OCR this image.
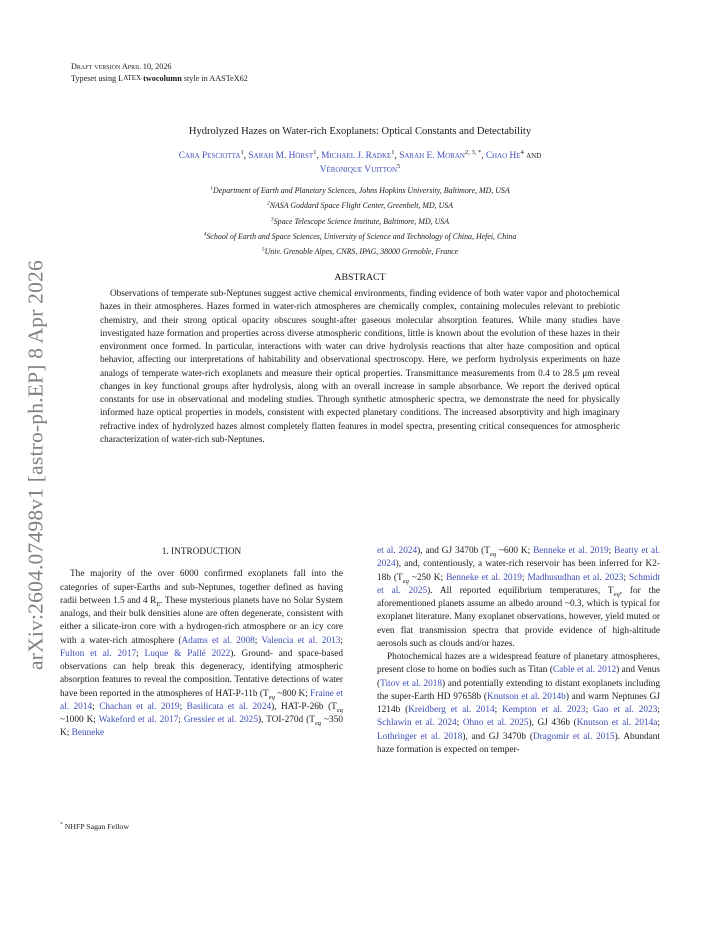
Draft version April 10, 2026
Typeset using LATEX twocolumn style in AASTeX62
arXiv:2604.07498v1 [astro-ph.EP] 8 Apr 2026
Hydrolyzed Hazes on Water-rich Exoplanets: Optical Constants and Detectability
Cara Pesciotta$^1$, Sarah M. Hörst$^1$, Michael J. Radke$^1$, Sarah E. Moran$^{2, 3, *}$, Chao He$^4$ and
Véronique Vuitton$^5$
$^1$Department of Earth and Planetary Sciences, Johns Hopkins University, Baltimore, MD, USA
$^2$NASA Goddard Space Flight Center, Greenbelt, MD, USA
$^3$Space Telescope Science Institute, Baltimore, MD, USA
$^4$School of Earth and Space Sciences, University of Science and Technology of China, Hefei, China
$^5$Univ. Grenoble Alpes, CNRS, IPAG, 38000 Grenoble, France
ABSTRACT

Observations of temperate sub-Neptunes suggest active chemical environments, finding evidence of both water vapor and photochemical hazes in their atmospheres. Hazes formed in water-rich atmospheres are chemically complex, containing molecules relevant to prebiotic chemistry, and their strong optical opacity obscures sought-after gaseous molecular absorption features. While many studies have investigated haze formation and properties across diverse atmospheric conditions, little is known about the evolution of these hazes in their environment once formed. In particular, interactions with water can drive hydrolysis reactions that alter haze composition and optical behavior, affecting our interpretations of habitability and observational spectroscopy. Here, we perform hydrolysis experiments on haze analogs of temperate water-rich exoplanets and measure their optical properties. Transmittance measurements from 0.4 to 28.5 μm reveal changes in key functional groups after hydrolysis, along with an overall increase in sample absorbance. We report the derived optical constants for use in observational and modeling studies. Through synthetic atmospheric spectra, we demonstrate the need for physically informed haze optical properties in models, consistent with expected planetary conditions. The increased absorptivity and high imaginary refractive index of hydrolyzed hazes almost completely flatten features in model spectra, presenting critical consequences for atmospheric characterization of water-rich sub-Neptunes.

1. INTRODUCTION

The majority of the over 6000 confirmed exoplanets fall into the categories of super-Earths and sub-Neptunes, together defined as having radii between 1.5 and 4 $R_E$. These mysterious planets have no Solar System analogs, and their bulk densities alone are often degenerate, consistent with either a silicate-iron core with a hydrogen-rich atmosphere or an icy core with a water-rich atmosphere (Adams et al. 2008; Valencia et al. 2013; Fulton et al. 2017; Luque & Pallé 2022). Ground- and space-based observations can help break this degeneracy, identifying atmospheric absorption features to reveal the composition. Tentative detections of water have been reported in the atmospheres of HAT-P-11b ($T_{eq}$ ~800 K; Fraine et al. 2014; Chachan et al. 2019; Basilicata et al. 2024), HAT-P-26b ($T_{eq}$ ~1000 K; Wakeford et al. 2017; Gressier et al. 2025), TOI-270d ($T_{eq}$ ~350 K; Benneke

et al. 2024), and GJ 3470b ($T_{eq}$ ~600 K; Benneke et al. 2019; Beatty et al. 2024), and, contentiously, a water-rich reservoir has been inferred for K2-18b ($T_{eq}$ ~250 K; Benneke et al. 2019; Madhusudhan et al. 2023; Schmidt et al. 2025). All reported equilibrium temperatures, $T_{eq}$, for the aforementioned planets assume an albedo around ~0.3, which is typical for exoplanet literature. Many exoplanet observations, however, yield muted or even flat transmission spectra that provide evidence of high-altitude aerosols such as clouds and/or hazes.

Photochemical hazes are a widespread feature of planetary atmospheres, present close to home on bodies such as Titan (Cable et al. 2012) and Venus (Titov et al. 2018) and potentially extending to distant exoplanets including the super-Earth HD 97658b (Knutson et al. 2014b) and warm Neptunes GJ 1214b (Kreidberg et al. 2014; Kempton et al. 2023; Gao et al. 2023; Schlawin et al. 2024; Ohno et al. 2025), GJ 436b (Knutson et al. 2014a; Lothringer et al. 2018), and GJ 3470b (Dragomir et al. 2015). Abundant haze formation is expected on temper-

* NHFP Sagan Fellow
